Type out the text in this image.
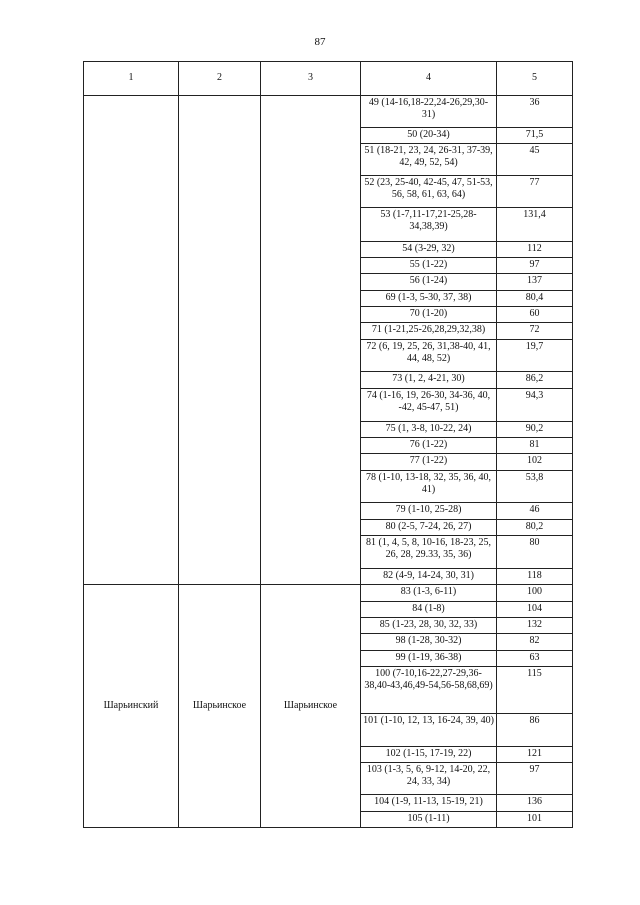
87
1	2	3	4	5
			49 (14-16,18-22,24-26,29,30-31)	36
			50 (20-34)	71,5
			51 (18-21, 23, 24, 26-31, 37-39, 42, 49, 52, 54)	45
			52 (23, 25-40, 42-45, 47, 51-53, 56, 58, 61, 63, 64)	77
			53 (1-7,11-17,21-25,28-34,38,39)	131,4
			54 (3-29, 32)	112
			55 (1-22)	97
			56 (1-24)	137
			69 (1-3, 5-30, 37, 38)	80,4
			70 (1-20)	60
			71 (1-21,25-26,28,29,32,38)	72
			72 (6, 19, 25, 26, 31,38-40, 41, 44, 48, 52)	19,7
			73 (1, 2, 4-21, 30)	86,2
			74 (1-16, 19, 26-30, 34-36, 40, -42, 45-47, 51)	94,3
			75 (1, 3-8, 10-22, 24)	90,2
			76 (1-22)	81
			77 (1-22)	102
			78 (1-10, 13-18, 32, 35, 36, 40, 41)	53,8
			79 (1-10, 25-28)	46
			80 (2-5, 7-24, 26, 27)	80,2
			81 (1, 4, 5, 8, 10-16, 18-23, 25, 26, 28, 29.33, 35, 36)	80
			82 (4-9, 14-24, 30, 31)	118
Шарьинский	Шарьинское	Шарьинское	83 (1-3, 6-11)	100
			84 (1-8)	104
			85 (1-23, 28, 30, 32, 33)	132
			98 (1-28, 30-32)	82
			99 (1-19, 36-38)	63
			100 (7-10,16-22,27-29,36-38,40-43,46,49-54,56-58,68,69)	115
			101 (1-10, 12, 13, 16-24, 39, 40)	86
			102 (1-15, 17-19, 22)	121
			103 (1-3, 5, 6, 9-12, 14-20, 22, 24, 33, 34)	97
			104 (1-9, 11-13, 15-19, 21)	136
			105 (1-11)	101
